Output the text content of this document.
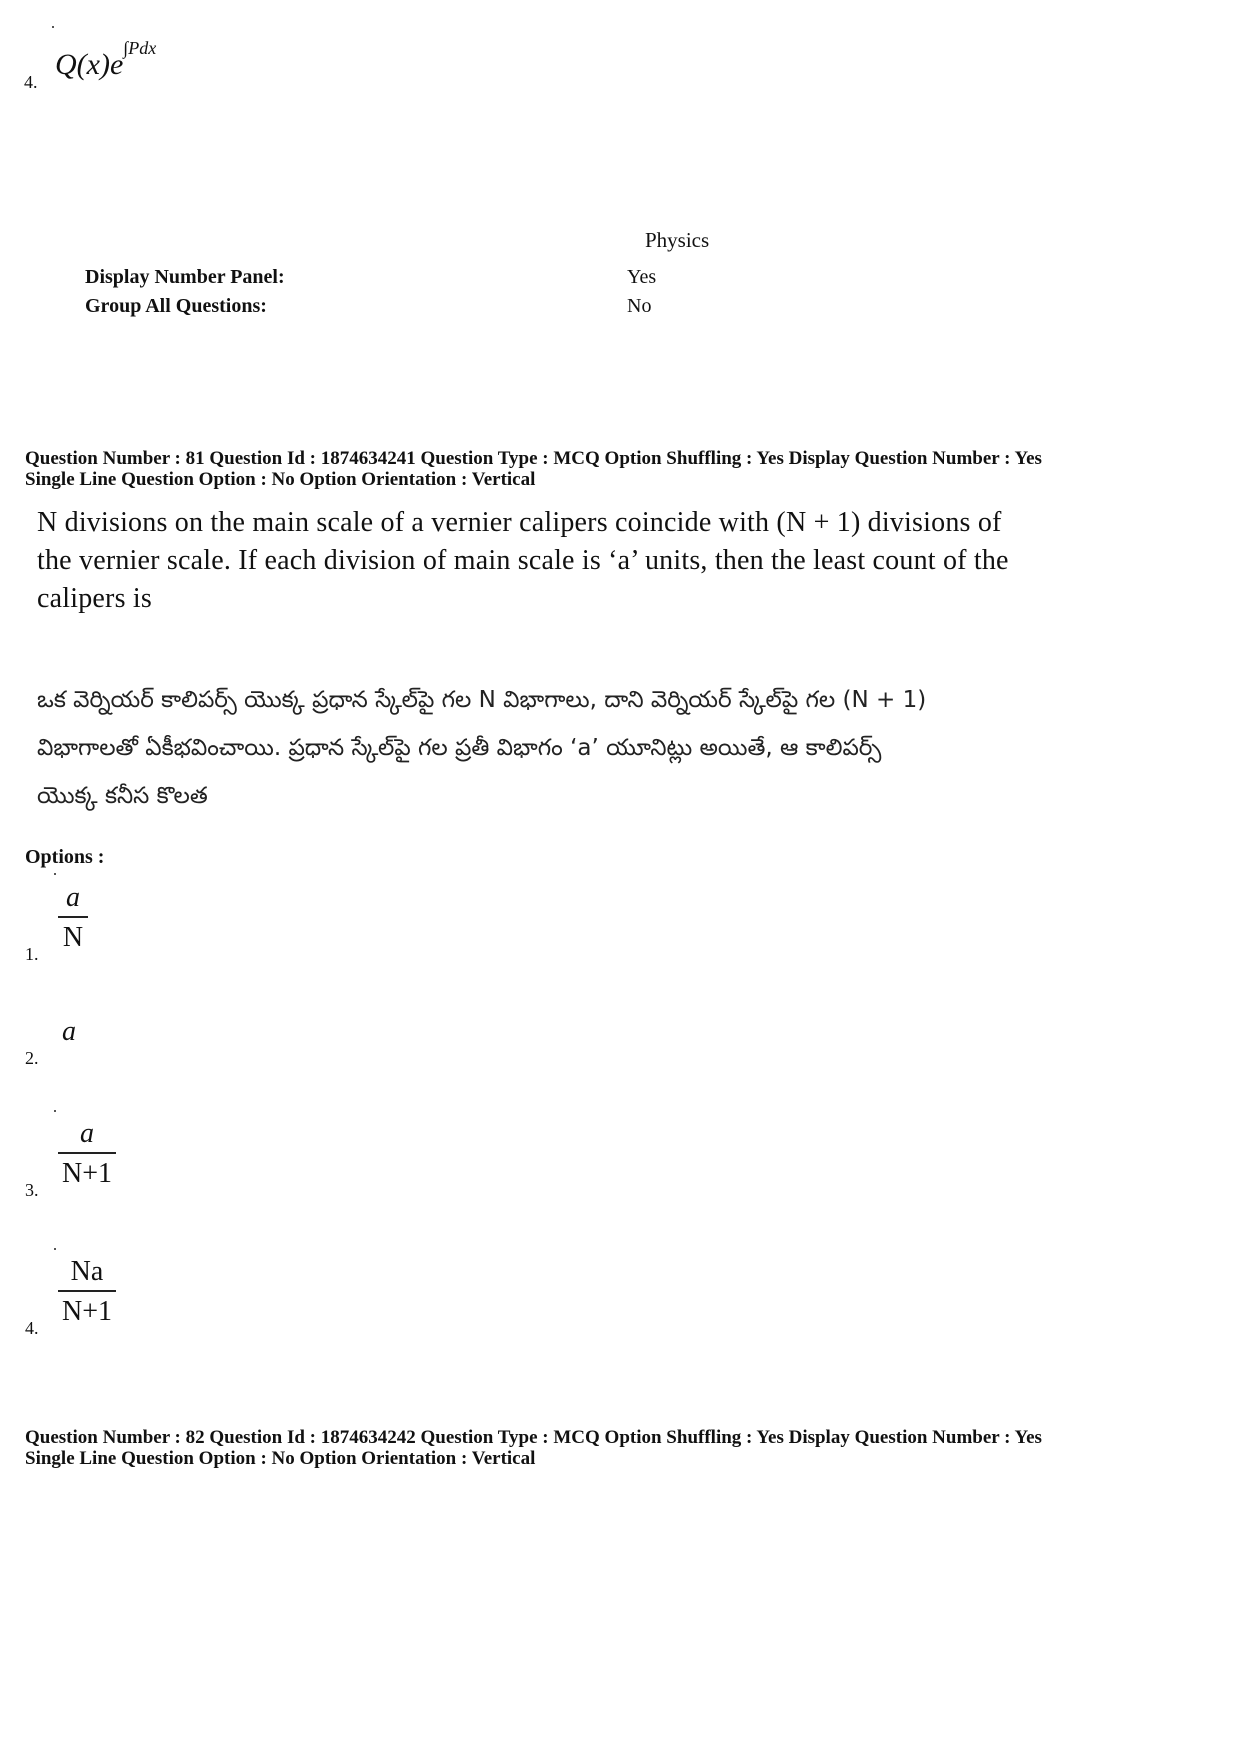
4.
$Q(x)e^{\int Pdx}$
Physics
Display Number Panel:	Yes
Group All Questions:	No
Question Number : 81 Question Id : 1874634241 Question Type : MCQ Option Shuffling : Yes Display Question Number : Yes
Single Line Question Option : No Option Orientation : Vertical
N divisions on the main scale of a vernier calipers coincide with (N + 1) divisions of
the vernier scale. If each division of main scale is ‘a’ units, then the least count of the
calipers is
ఒక వెర్నియర్ కాలిపర్స్ యొక్క ప్రధాన స్కేల్‌పై గల N విభాగాలు, దాని వెర్నియర్ స్కేల్‌పై గల (N + 1)
విభాగాలతో ఏకీభవించాయి. ప్రధాన స్కేల్‌పై గల ప్రతీ విభాగం ‘a’ యూనిట్లు అయితే, ఆ కాలిపర్స్
యొక్క కనీస కొలత
Options :
1.
a
N
2.
a
3.
a
N+1
4.
Na
N+1
Question Number : 82 Question Id : 1874634242 Question Type : MCQ Option Shuffling : Yes Display Question Number : Yes
Single Line Question Option : No Option Orientation : Vertical
